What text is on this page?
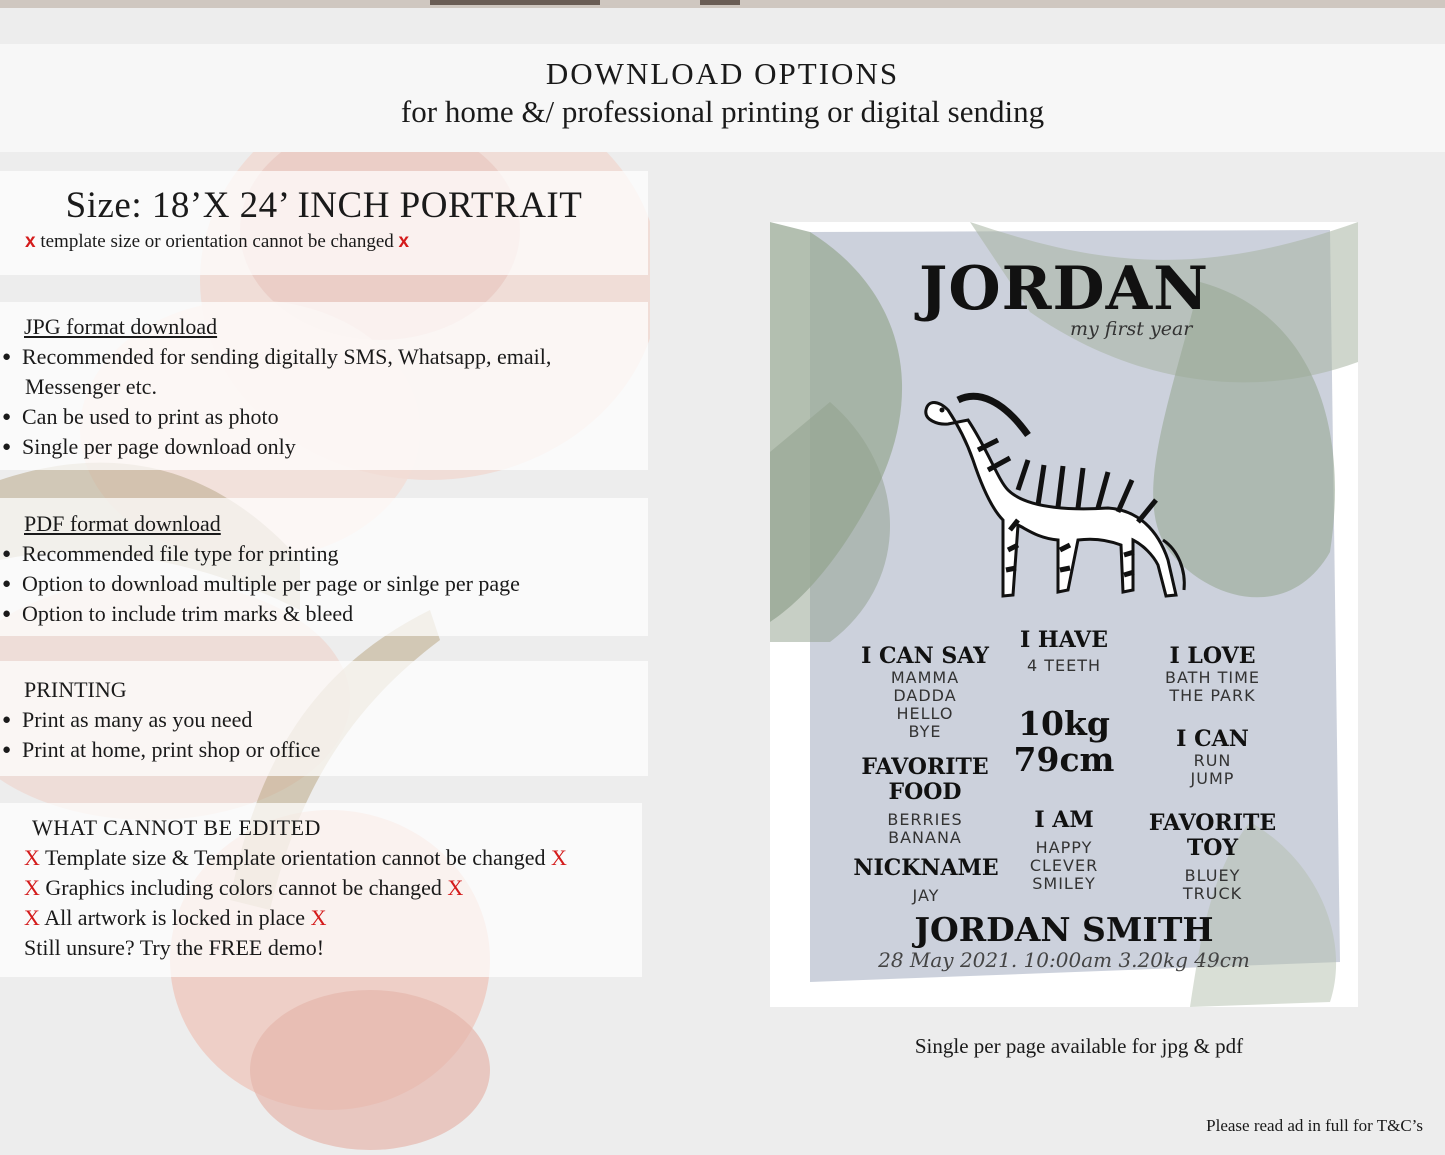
DOWNLOAD OPTIONS
for home &/ professional printing or digital sending
Size: 18’X 24’ INCH PORTRAIT
x template size or orientation cannot be changed x
JPG format download
● Recommended for sending digitally SMS, Whatsapp, email,
Messenger etc.
● Can be used to print as photo
● Single per page download only
PDF format download
● Recommended file type for printing
● Option to download multiple per page or sinlge per page
● Option to include trim marks & bleed
PRINTING
● Print as many as you need
● Print at home, print shop or office
WHAT CANNOT BE EDITED
X Template size & Template orientation cannot be changed X
X Graphics including colors cannot be changed X
X All artwork is locked in place X
Still unsure? Try the FREE demo!
JORDAN
my first year
I CAN SAY
MAMMA
DADDA
HELLO
BYE
I HAVE
4 TEETH	I LOVE
BATH TIME
THE PARK
10kg
79cm
I CAN
RUN
JUMP
FAVORITE
FOOD
BERRIES
BANANA
I AM
HAPPY
CLEVER
SMILEY
FAVORITE
TOY
BLUEY
TRUCK
NICKNAME
JAY
JORDAN SMITH
28 May 2021. 10:00am 3.20kg 49cm
Single per page available for jpg & pdf
Please read ad in full for T&C’s
